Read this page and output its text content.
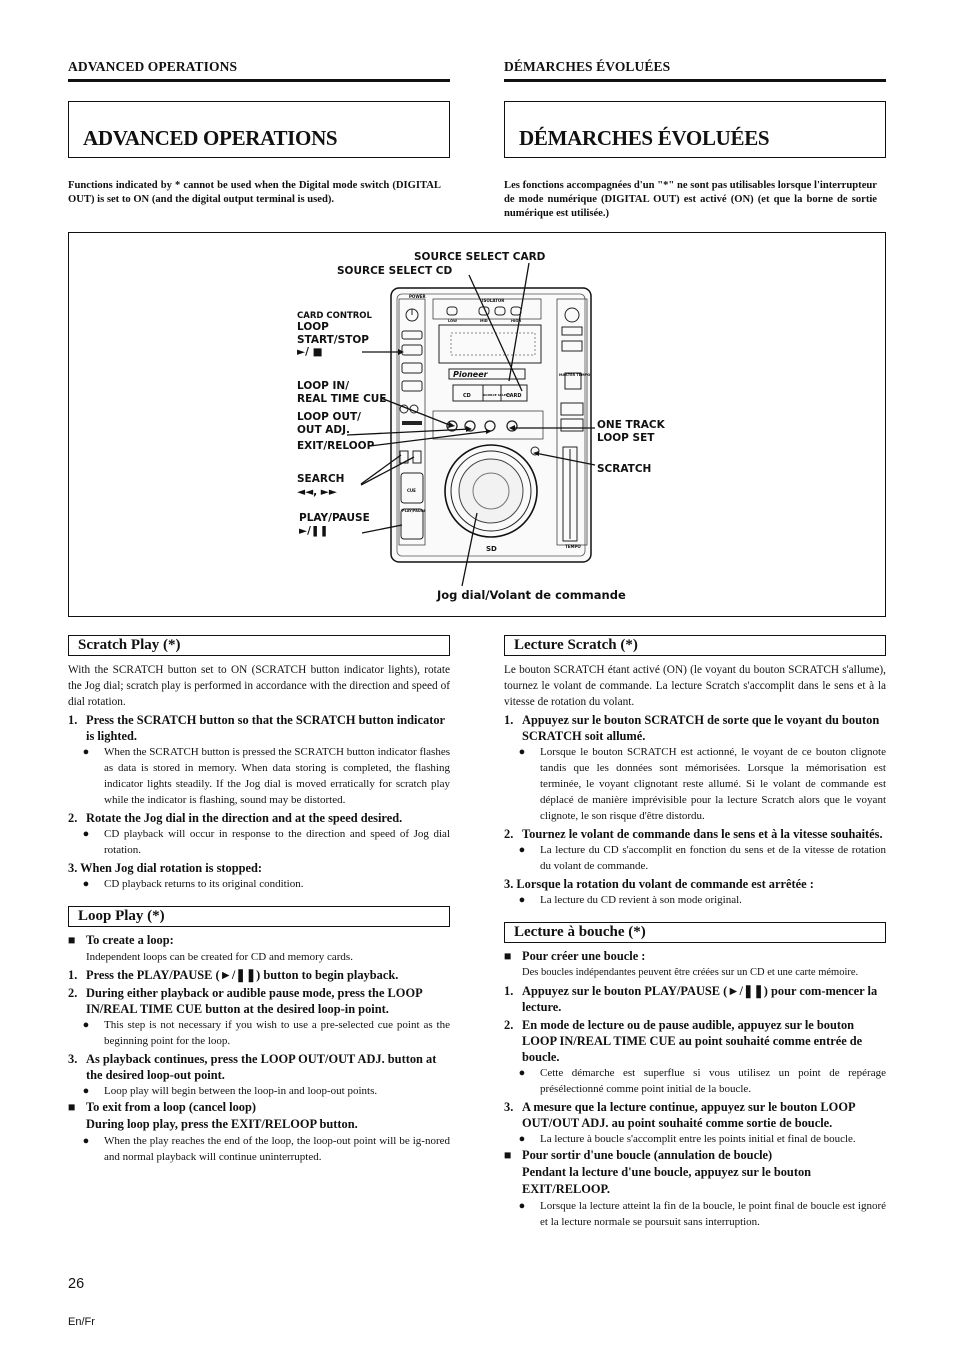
ADVANCED OPERATIONS	DÉMARCHES ÉVOLUÉES
ADVANCED OPERATIONS	DÉMARCHES ÉVOLUÉES
Functions indicated by * cannot be used when the Digital mode switch (DIGITAL OUT) is set to ON (and the digital output terminal is used).
Les fonctions accompagnées d'un "*" ne sont pas utilisables lorsque l'interrupteur de mode numérique (DIGITAL OUT) est activé (ON) (et que la borne de sortie numérique est utilisée.)
SD
SOURCE SELECT CARD
SOURCE SELECT CD
CARD CONTROL
LOOP
START/STOP
►/ ■
LOOP IN/
REAL TIME CUE
LOOP OUT/
OUT ADJ.
EXIT/RELOOP
SEARCH
◄◄, ►►
PLAY/PAUSE
►/❚❚
ONE TRACK
LOOP SET
SCRATCH
Jog dial/Volant de commande
POWER
ISOLATOR
LOW	MID	HIGH
Pioneer
CD	SOURCE SELECT
CARD
MASTER TEMPO
TEMPO
CUE
PLAY/PAUSE
Scratch Play (*)

With the SCRATCH button set to ON (SCRATCH button indicator lights), rotate the Jog dial; scratch play is performed in accordance with the direction and speed of dial rotation.

1. Press the SCRATCH button so that the SCRATCH button indicator is lighted.
●	When the SCRATCH button is pressed the SCRATCH button indicator flashes as data is stored in memory. When data storing is completed, the flashing indicator lights steadily. If the Jog dial is moved erratically for scratch play while the indicator is flashing, sound may be distorted.
2. Rotate the Jog dial in the direction and at the speed desired.
●	CD playback will occur in response to the direction and speed of Jog dial rotation.
3. When Jog dial rotation is stopped:
●	CD playback returns to its original condition.
Loop Play (*)
■ To create a loop:
Independent loops can be created for CD and memory cards.
1. Press the PLAY/PAUSE (►/❚❚) button to begin playback.
2. During either playback or audible pause mode, press the LOOP IN/REAL TIME CUE button at the desired loop-in point.
●	This step is not necessary if you wish to use a pre-selected cue point as the beginning point for the loop.
3. As playback continues, press the LOOP OUT/OUT ADJ. button at the desired loop-out point.
●	Loop play will begin between the loop-in and loop-out points.
■ To exit from a loop (cancel loop)
During loop play, press the EXIT/RELOOP button.
●	When the play reaches the end of the loop, the loop-out point will be ig-nored and normal playback will continue uninterrupted.
Lecture Scratch (*)

Le bouton SCRATCH étant activé (ON) (le voyant du bouton SCRATCH s'allume), tournez le volant de commande. La lecture Scratch s'accomplit dans le sens et à la vitesse de rotation du volant.

1. Appuyez sur le bouton SCRATCH de sorte que le voyant du bouton SCRATCH soit allumé.
●	Lorsque le bouton SCRATCH est actionné, le voyant de ce bouton clignote tandis que les données sont mémorisées. Lorsque la mémorisation est terminée, le voyant clignotant reste allumé. Si le volant de commande est déplacé de manière imprévisible pour la lecture Scratch alors que le voyant clignote, le son risque d'être distordu.
2. Tournez le volant de commande dans le sens et à la vitesse souhaités.
●	La lecture du CD s'accomplit en fonction du sens et de la vitesse de rotation du volant de commande.
3. Lorsque la rotation du volant de commande est arrêtée :
●	La lecture du CD revient à son mode original.
Lecture à bouche (*)
■ Pour créer une boucle :
Des boucles indépendantes peuvent être créées sur un CD et une carte mémoire.
1. Appuyez sur le bouton PLAY/PAUSE (►/❚❚) pour com-mencer la lecture.
2. En mode de lecture ou de pause audible, appuyez sur le bouton LOOP IN/REAL TIME CUE au point souhaité comme entrée de boucle.
●	Cette démarche est superflue si vous utilisez un point de repérage présélectionné comme point initial de la boucle.
3. A mesure que la lecture continue, appuyez sur le bouton LOOP OUT/OUT ADJ. au point souhaité comme sortie de boucle.
●	La lecture à boucle s'accomplit entre les points initial et final de boucle.
■ Pour sortir d'une boucle (annulation de boucle)
Pendant la lecture d'une boucle, appuyez sur le bouton EXIT/RELOOP.
●	Lorsque la lecture atteint la fin de la boucle, le point final de boucle est ignoré et la lecture normale se poursuit sans interruption.
26
En/Fr
